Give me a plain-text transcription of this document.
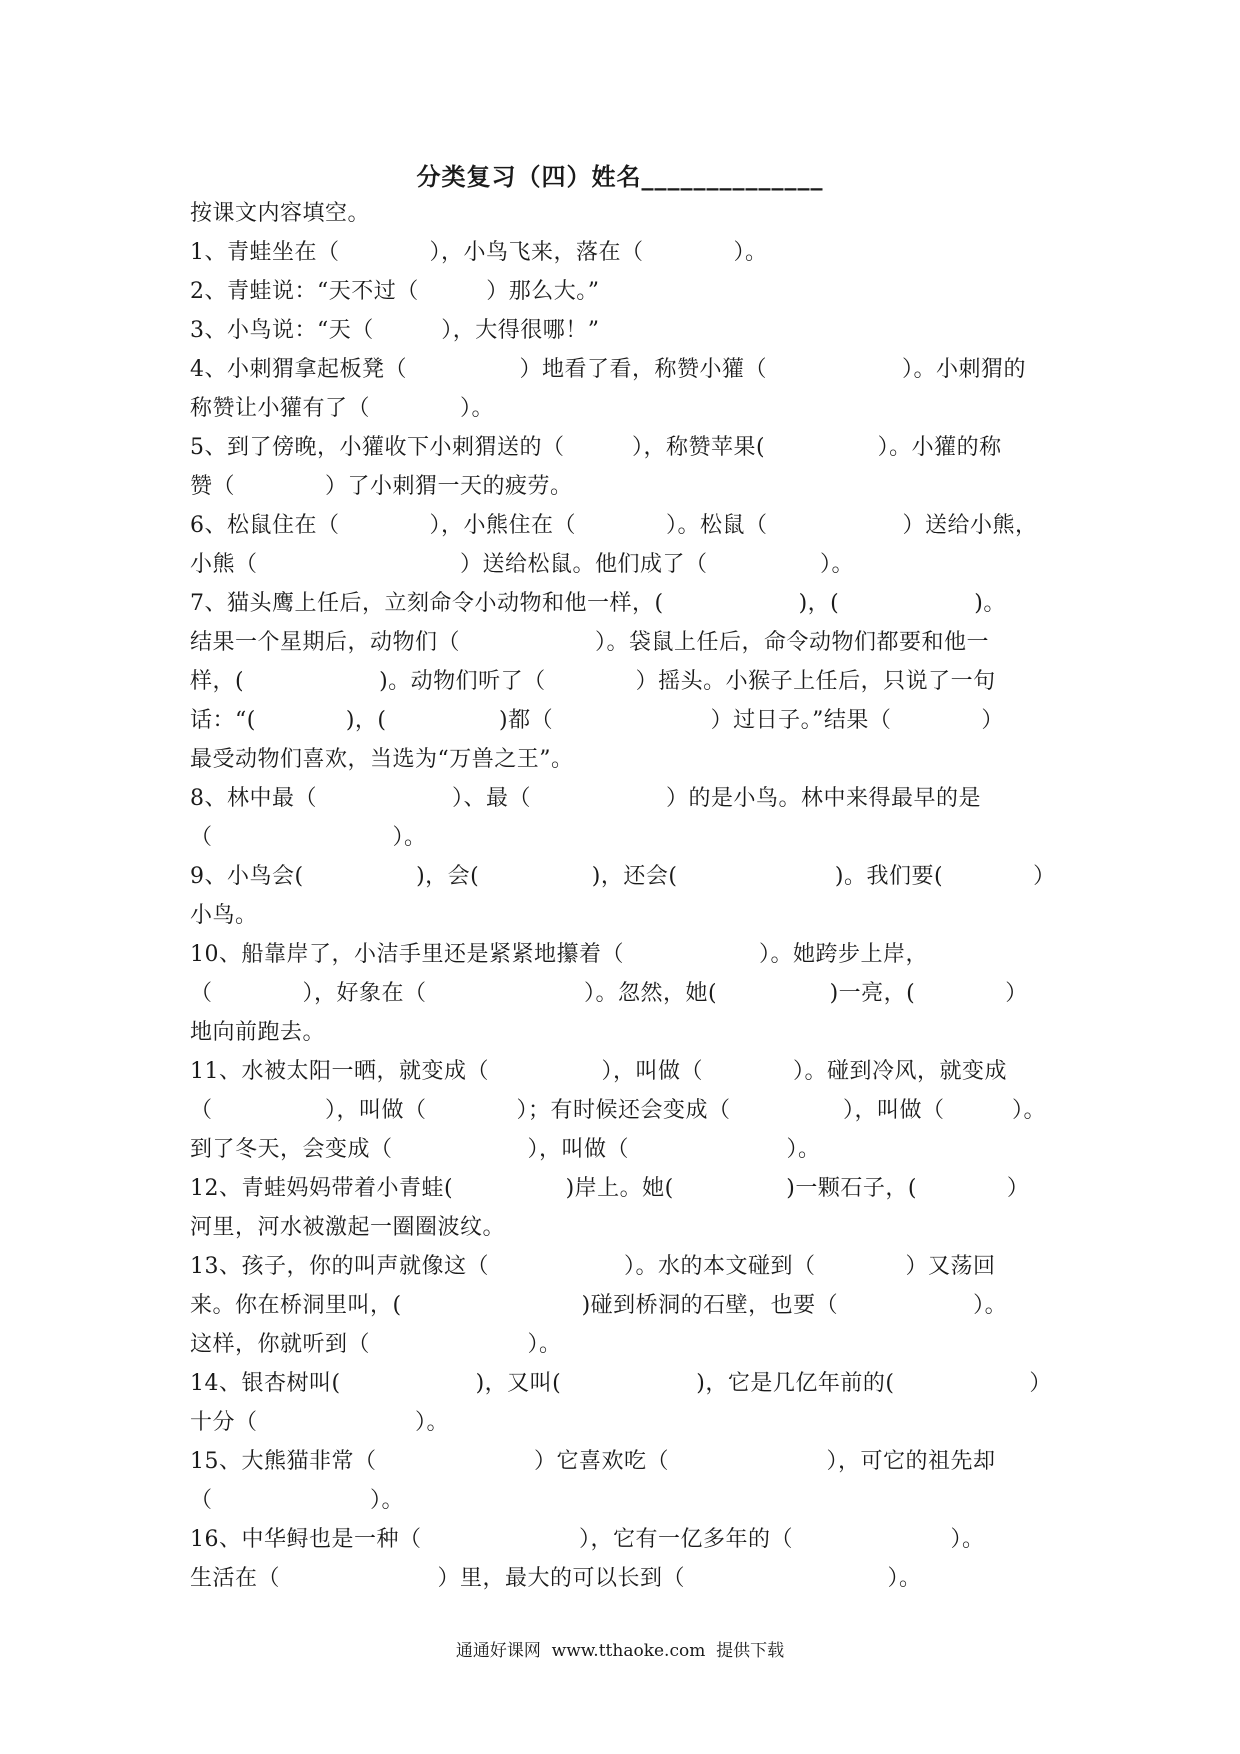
分类复习（四）姓名______________
按课文内容填空。
1、青蛙坐在（　　　　），小鸟飞来，落在（　　　　）。
2、青蛙说：“天不过（　　　）那么大。”
3、小鸟说：“天（　　　），大得很哪！”
4、小刺猬拿起板凳（　　　　　）地看了看，称赞小獾（　　　　　　）。小刺猬的
称赞让小獾有了（　　　　）。
5、到了傍晚，小獾收下小刺猬送的（　　　），称赞苹果(　　　　　）。小獾的称
赞（　　　　）了小刺猬一天的疲劳。
6、松鼠住在（　　　　），小熊住在（　　　　）。松鼠（　　　　　　）送给小熊，
小熊（　　　　　　　　　）送给松鼠。他们成了（　　　　　）。
7、猫头鹰上任后，立刻命令小动物和他一样，(　　　　　　)，(　　　　　　)。
结果一个星期后，动物们（　　　　　　）。袋鼠上任后，命令动物们都要和他一
样，(　　　　　　)。动物们听了（　　　　）摇头。小猴子上任后，只说了一句
话：“(　　　　)，(　　　　　)都（　　　　　　　）过日子。”结果（　　　　）
最受动物们喜欢，当选为“万兽之王”。
8、林中最（　　　　　　）、最（　　　　　　）的是小鸟。林中来得最早的是
（　　　　　　　　）。
9、小鸟会(　　　　　)，会(　　　　　)，还会(　　　　　　　)。我们要(　　　　）
小鸟。
10、船靠岸了，小洁手里还是紧紧地攥着（　　　　　　）。她跨步上岸，
（　　　　），好象在（　　　　　　　）。忽然，她(　　　　　)一亮，(　　　　）
地向前跑去。
11、水被太阳一晒，就变成（　　　　　），叫做（　　　　）。碰到冷风，就变成
（　　　　　），叫做（　　　　）；有时候还会变成（　　　　　），叫做（　　　）。
到了冬天，会变成（　　　　　　），叫做（　　　　　　　）。
12、青蛙妈妈带着小青蛙(　　　　　)岸上。她(　　　　　)一颗石子，(　　　　）
河里，河水被激起一圈圈波纹。
13、孩子，你的叫声就像这（　　　　　　）。水的本文碰到（　　　　）又荡回
来。你在桥洞里叫，(　　　　　　　　)碰到桥洞的石壁，也要（　　　　　　）。
这样，你就听到（　　　　　　　）。
14、银杏树叫(　　　　　　)，又叫(　　　　　　)，它是几亿年前的(　　　　　　）
十分（　　　　　　　）。
15、大熊猫非常（　　　　　　　）它喜欢吃（　　　　　　　），可它的祖先却
（　　　　　　　）。
16、中华鲟也是一种（　　　　　　　），它有一亿多年的（　　　　　　　）。
生活在（　　　　　　　）里，最大的可以长到（　　　　　　　　　）。
通通好课网  www.tthaoke.com  提供下载
